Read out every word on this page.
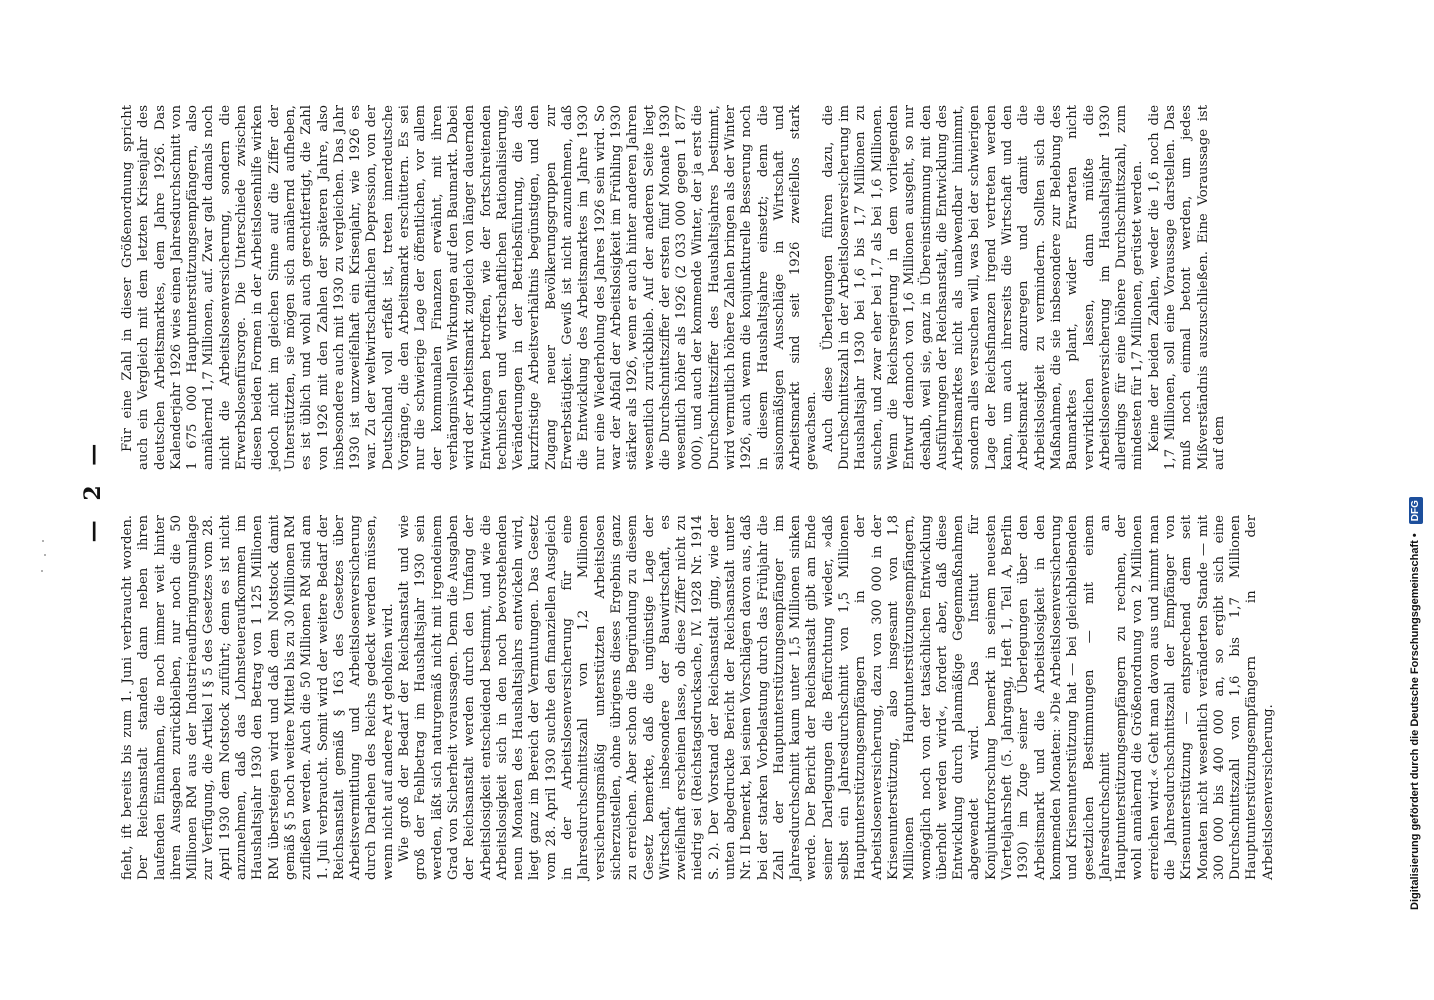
— 2 —

fieht, ift bereits bis zum 1. Juni verbraucht worden. Der Reichsanstalt standen dann neben ihren laufenden Einnahmen, die noch immer weit hinter ihren Ausgaben zurückbleiben, nur noch die 50 Millionen RM aus der Industrieaufbringungsumlage zur Verfügung, die Artikel I § 5 des Gesetzes vom 28. April 1930 dem Notstock zuführt; denn es ist nicht anzunehmen, daß das Lohnsteueraufkommen im Haushaltsjahr 1930 den Betrag von 1 125 Millionen RM übersteigen wird und daß dem Notstock damit gemäß § 5 noch weitere Mittel bis zu 30 Millionen RM zufließen werden. Auch die 50 Millionen RM sind am 1. Juli verbraucht. Somit wird der weitere Bedarf der Reichsanstalt gemäß § 163 des Gesetzes über Arbeitsvermittlung und Arbeitslosenversicherung durch Darlehen des Reichs gedeckt werden müssen, wenn nicht auf andere Art geholfen wird. Wie groß der Bedarf der Reichsanstalt und wie groß der Fehlbetrag im Haushaltsjahr 1930 sein werden, läßt sich naturgemäß nicht mit irgendeinem Grad von Sicherheit voraussagen. Denn die Ausgaben der Reichsanstalt werden durch den Umfang der Arbeitslosigkeit entscheidend bestimmt, und wie die Arbeitslosigkeit sich in den noch bevorstehenden neun Monaten des Haushaltsjahrs entwickeln wird, liegt ganz im Bereich der Vermutungen. Das Gesetz vom 28. April 1930 suchte den finanziellen Ausgleich in der Arbeitslosenversicherung für eine Jahresdurchschnittszahl von 1,2 Millionen versicherungsmäßig unterstützten Arbeitslosen sicherzustellen, ohne übrigens dieses Ergebnis ganz zu erreichen. Aber schon die Begründung zu diesem Gesetz bemerkte, daß die ungünstige Lage der Wirtschaft, insbesondere der Bauwirtschaft, es zweifelhaft erscheinen lasse, ob diese Ziffer nicht zu niedrig sei (Reichstagsdrucksache, IV. 1928 Nr. 1914 S. 2). Der Vorstand der Reichsanstalt ging, wie der unten abgedruckte Bericht der Reichsanstalt unter Nr. II bemerkt, bei seinen Vorschlägen davon aus, daß bei der starken Vorbelastung durch das Frühjahr die Zahl der Hauptunterstützungsempfänger im Jahresdurchschnitt kaum unter 1,5 Millionen sinken werde. Der Bericht der Reichsanstalt gibt am Ende seiner Darlegungen die Befürchtung wieder, »daß selbst ein Jahresdurchschnitt von 1,5 Millionen Hauptunterstützungsempfängern in der Arbeitslosenversicherung, dazu von 300 000 in der Krisenunterstützung, also insgesamt von 1,8 Millionen Hauptunterstützungsempfängern, womöglich noch von der tatsächlichen Entwicklung überholt werden wird«, fordert aber, daß diese Entwicklung durch planmäßige Gegenmaßnahmen abgewendet wird. Das Institut für Konjunkturforschung bemerkt in seinem neuesten Vierteljahrsheft (5. Jahrgang, Heft 1, Teil A, Berlin 1930) im Zuge seiner Überlegungen über den Arbeitsmarkt und die Arbeitslosigkeit in den kommenden Monaten: »Die Arbeitslosenversicherung und Krisenunterstützung hat — bei gleichbleibenden gesetzlichen Bestimmungen — mit einem Jahresdurchschnitt an Hauptunterstützungsempfängern zu rechnen, der wohl annähernd die Größenordnung von 2 Millionen erreichen wird.« Geht man davon aus und nimmt man die Jahresdurchschnittszahl der Empfänger von Krisenunterstützung — entsprechend dem seit Monaten nicht wesentlich veränderten Stande — mit 300 000 bis 400 000 an, so ergibt sich eine Durchschnittszahl von 1,6 bis 1,7 Millionen Hauptunterstützungsempfängern in der Arbeitslosenversicherung.

Für eine Zahl in dieser Größenordnung spricht auch ein Vergleich mit dem letzten Krisenjahr des deutschen Arbeitsmarktes, dem Jahre 1926. Das Kalenderjahr 1926 wies einen Jahresdurchschnitt von 1 675 000 Hauptunterstützungsempfängern, also annähernd 1,7 Millionen, auf. Zwar galt damals noch nicht die Arbeitslosenversicherung, sondern die Erwerbslosenfürsorge. Die Unterschiede zwischen diesen beiden Formen in der Arbeitslosenhilfe wirken jedoch nicht im gleichen Sinne auf die Ziffer der Unterstützten, sie mögen sich annähernd aufheben, es ist üblich und wohl auch gerechtfertigt, die Zahl von 1926 mit den Zahlen der späteren Jahre, also insbesondere auch mit 1930 zu vergleichen. Das Jahr 1930 ist unzweifelhaft ein Krisenjahr, wie 1926 es war. Zu der weltwirtschaftlichen Depression, von der Deutschland voll erfaßt ist, treten innerdeutsche Vorgänge, die den Arbeitsmarkt erschüttern. Es sei nur die schwierige Lage der öffentlichen, vor allem der kommunalen Finanzen erwähnt, mit ihren verhängnisvollen Wirkungen auf den Baumarkt. Dabei wird der Arbeitsmarkt zugleich von länger dauernden Entwicklungen betroffen, wie der fortschreitenden technischen und wirtschaftlichen Rationalisierung, Veränderungen in der Betriebsführung, die das kurzfristige Arbeitsverhältnis begünstigen, und den Zugang neuer Bevölkerungsgruppen zur Erwerbstätigkeit. Gewiß ist nicht anzunehmen, daß die Entwicklung des Arbeitsmarktes im Jahre 1930 nur eine Wiederholung des Jahres 1926 sein wird. So war der Abfall der Arbeitslosigkeit im Frühling 1930 stärker als 1926, wenn er auch hinter anderen Jahren wesentlich zurückblieb. Auf der anderen Seite liegt die Durchschnittsziffer der ersten fünf Monate 1930 wesentlich höher als 1926 (2 033 000 gegen 1 877 000), und auch der kommende Winter, der ja erst die Durchschnittsziffer des Haushaltsjahres bestimmt, wird vermutlich höhere Zahlen bringen als der Winter 1926, auch wenn die konjunkturelle Besserung noch in diesem Haushaltsjahre einsetzt; denn die saisonmäßigen Ausschläge in Wirtschaft und Arbeitsmarkt sind seit 1926 zweifellos stark gewachsen. Auch diese Überlegungen führen dazu, die Durchschnittszahl in der Arbeitslosenversicherung im Haushaltsjahr 1930 bei 1,6 bis 1,7 Millionen zu suchen, und zwar eher bei 1,7 als bei 1,6 Millionen. Wenn die Reichsregierung in dem vorliegenden Entwurf dennoch von 1,6 Millionen ausgeht, so nur deshalb, weil sie, ganz in Übereinstimmung mit den Ausführungen der Reichsanstalt, die Entwicklung des Arbeitsmarktes nicht als unabwendbar hinnimmt, sondern alles versuchen will, was bei der schwierigen Lage der Reichsfinanzen irgend vertreten werden kann, um auch ihrerseits die Wirtschaft und den Arbeitsmarkt anzuregen und damit die Arbeitslosigkeit zu vermindern. Sollten sich die Maßnahmen, die sie insbesondere zur Belebung des Baumarktes plant, wider Erwarten nicht verwirklichen lassen, dann müßte die Arbeitslosenversicherung im Haushaltsjahr 1930 allerdings für eine höhere Durchschnittszahl, zum mindesten für 1,7 Millionen, gerüstet werden. Keine der beiden Zahlen, weder die 1,6 noch die 1,7 Millionen, soll eine Voraussage darstellen. Das muß noch einmal betont werden, um jedes Mißverständnis auszuschließen. Eine Voraussage ist auf dem

Digitalisierung gefördert durch die Deutsche Forschungsgemeinschaft • DFG
